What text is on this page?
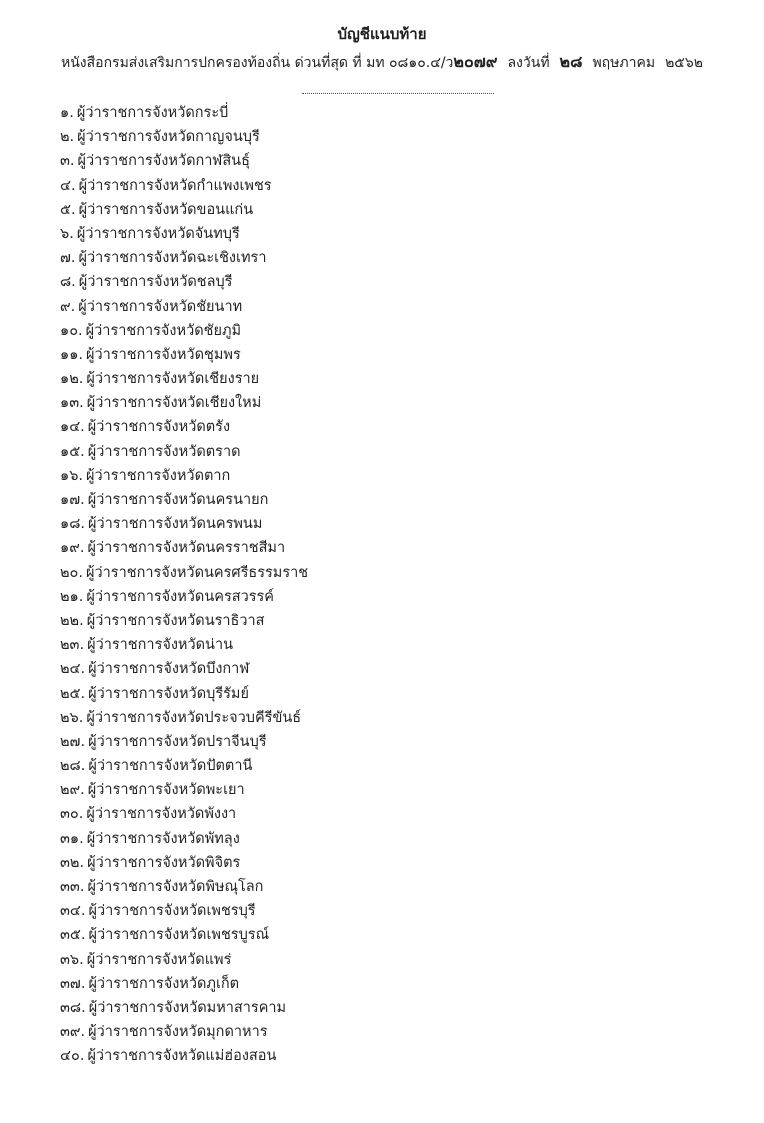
บัญชีแนบท้าย
หนังสือกรมส่งเสริมการปกครองท้องถิ่น ด่วนที่สุด ที่ มท ๐๘๑๐.๔/ว๒๐๗๙ ลงวันที่ ๒๘ พฤษภาคม ๒๕๖๒
๑. ผู้ว่าราชการจังหวัดกระบี่
๒. ผู้ว่าราชการจังหวัดกาญจนบุรี
๓. ผู้ว่าราชการจังหวัดกาฬสินธุ์
๔. ผู้ว่าราชการจังหวัดกำแพงเพชร
๕. ผู้ว่าราชการจังหวัดขอนแก่น
๖. ผู้ว่าราชการจังหวัดจันทบุรี
๗. ผู้ว่าราชการจังหวัดฉะเชิงเทรา
๘. ผู้ว่าราชการจังหวัดชลบุรี
๙. ผู้ว่าราชการจังหวัดชัยนาท
๑๐. ผู้ว่าราชการจังหวัดชัยภูมิ
๑๑. ผู้ว่าราชการจังหวัดชุมพร
๑๒. ผู้ว่าราชการจังหวัดเชียงราย
๑๓. ผู้ว่าราชการจังหวัดเชียงใหม่
๑๔. ผู้ว่าราชการจังหวัดตรัง
๑๕. ผู้ว่าราชการจังหวัดตราด
๑๖. ผู้ว่าราชการจังหวัดตาก
๑๗. ผู้ว่าราชการจังหวัดนครนายก
๑๘. ผู้ว่าราชการจังหวัดนครพนม
๑๙. ผู้ว่าราชการจังหวัดนครราชสีมา
๒๐. ผู้ว่าราชการจังหวัดนครศรีธรรมราช
๒๑. ผู้ว่าราชการจังหวัดนครสวรรค์
๒๒. ผู้ว่าราชการจังหวัดนราธิวาส
๒๓. ผู้ว่าราชการจังหวัดน่าน
๒๔. ผู้ว่าราชการจังหวัดบึงกาฬ
๒๕. ผู้ว่าราชการจังหวัดบุรีรัมย์
๒๖. ผู้ว่าราชการจังหวัดประจวบคีรีขันธ์
๒๗. ผู้ว่าราชการจังหวัดปราจีนบุรี
๒๘. ผู้ว่าราชการจังหวัดปัตตานี
๒๙. ผู้ว่าราชการจังหวัดพะเยา
๓๐. ผู้ว่าราชการจังหวัดพังงา
๓๑. ผู้ว่าราชการจังหวัดพัทลุง
๓๒. ผู้ว่าราชการจังหวัดพิจิตร
๓๓. ผู้ว่าราชการจังหวัดพิษณุโลก
๓๔. ผู้ว่าราชการจังหวัดเพชรบุรี
๓๕. ผู้ว่าราชการจังหวัดเพชรบูรณ์
๓๖. ผู้ว่าราชการจังหวัดแพร่
๓๗. ผู้ว่าราชการจังหวัดภูเก็ต
๓๘. ผู้ว่าราชการจังหวัดมหาสารคาม
๓๙. ผู้ว่าราชการจังหวัดมุกดาหาร
๔๐. ผู้ว่าราชการจังหวัดแม่ฮ่องสอน
